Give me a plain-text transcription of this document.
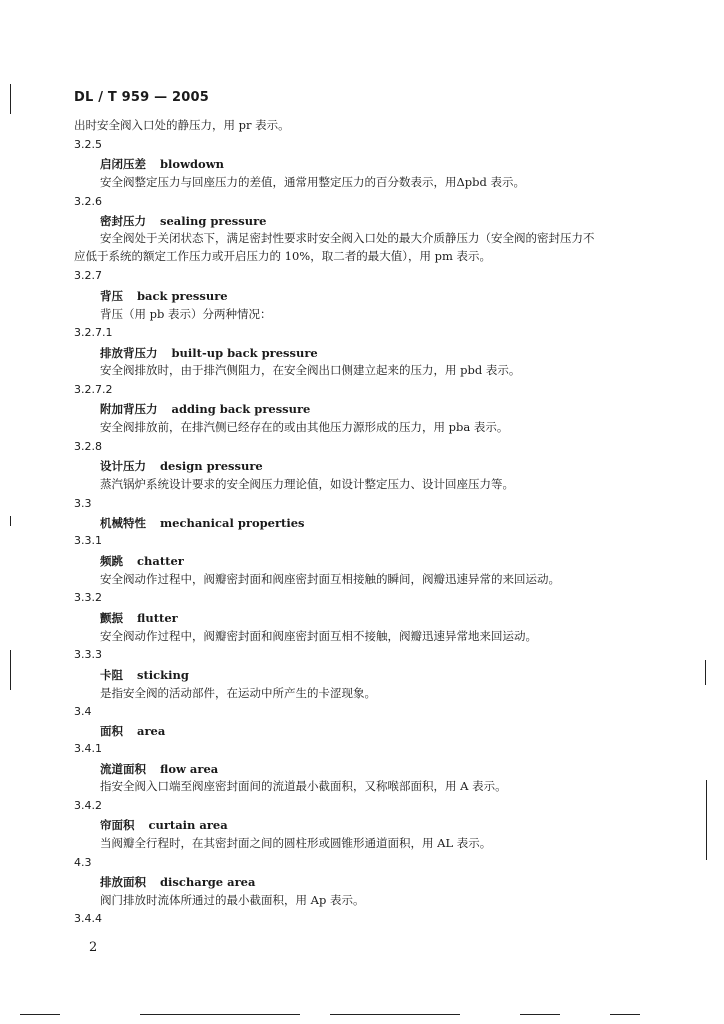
DL / T 959 — 2005
出时安全阀入口处的静压力，用 pr 表示。
3.2.5
启闭压差 blowdown
安全阀整定压力与回座压力的差值，通常用整定压力的百分数表示，用Δpbd 表示。
3.2.6
密封压力 sealing pressure
安全阀处于关闭状态下，满足密封性要求时安全阀入口处的最大介质静压力（安全阀的密封压力不
应低于系统的额定工作压力或开启压力的 10%，取二者的最大值），用 pm 表示。
3.2.7
背压 back pressure
背压（用 pb 表示）分两种情况：
3.2.7.1
排放背压力 built-up back pressure
安全阀排放时，由于排汽侧阻力，在安全阀出口侧建立起来的压力，用 pbd 表示。
3.2.7.2
附加背压力 adding back pressure
安全阀排放前，在排汽侧已经存在的或由其他压力源形成的压力，用 pba 表示。
3.2.8
设计压力 design pressure
蒸汽锅炉系统设计要求的安全阀压力理论值，如设计整定压力、设计回座压力等。
3.3
机械特性 mechanical properties
3.3.1
频跳 chatter
安全阀动作过程中，阀瓣密封面和阀座密封面互相接触的瞬间，阀瓣迅速异常的来回运动。
3.3.2
颤振 flutter
安全阀动作过程中，阀瓣密封面和阀座密封面互相不接触，阀瓣迅速异常地来回运动。
3.3.3
卡阻 sticking
是指安全阀的活动部件，在运动中所产生的卡涩现象。
3.4
面积 area
3.4.1
流道面积 flow area
指安全阀入口端至阀座密封面间的流道最小截面积，又称喉部面积，用 A 表示。
3.4.2
帘面积 curtain area
当阀瓣全行程时，在其密封面之间的圆柱形或圆锥形通道面积，用 AL 表示。
4.3
排放面积 discharge area
阀门排放时流体所通过的最小截面积，用 Ap 表示。
3.4.4
2
